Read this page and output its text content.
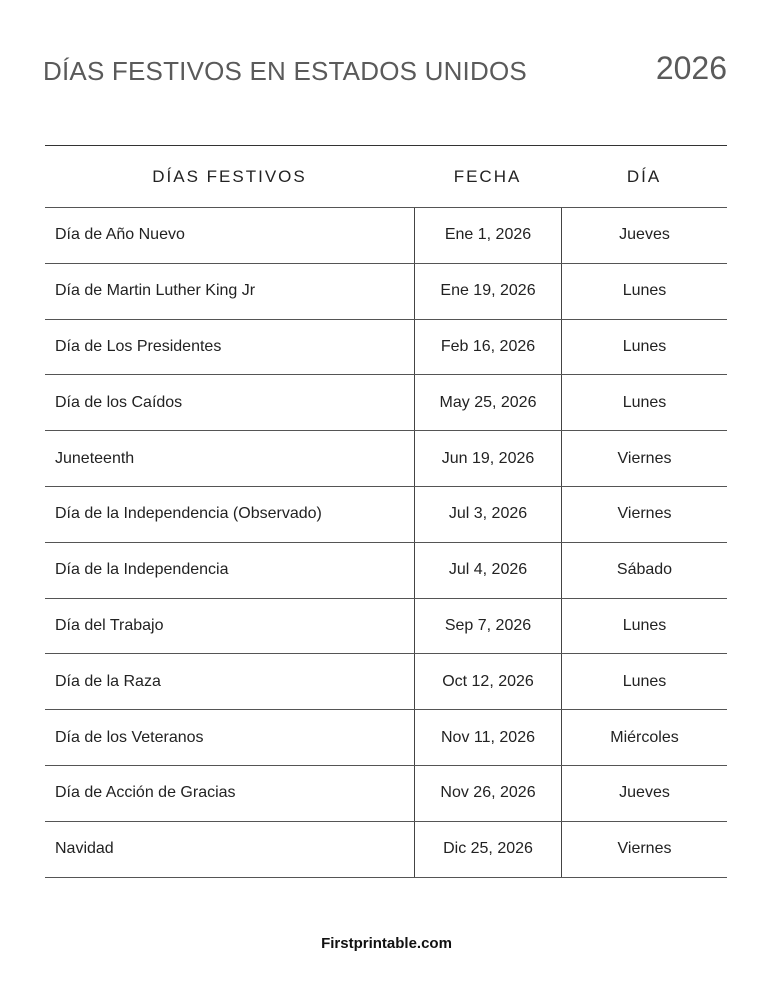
DÍAS FESTIVOS EN ESTADOS UNIDOS	2026
DÍAS FESTIVOS	FECHA	DÍA
Día de Año Nuevo	Ene 1, 2026	Jueves
Día de Martin Luther King Jr	Ene 19, 2026	Lunes
Día de Los Presidentes	Feb 16, 2026	Lunes
Día de los Caídos	May 25, 2026	Lunes
Juneteenth	Jun 19, 2026	Viernes
Día de la Independencia (Observado)	Jul 3, 2026	Viernes
Día de la Independencia	Jul 4, 2026	Sábado
Día del Trabajo	Sep 7, 2026	Lunes
Día de la Raza	Oct 12, 2026	Lunes
Día de los Veteranos	Nov 11, 2026	Miércoles
Día de Acción de Gracias	Nov 26, 2026	Jueves
Navidad	Dic 25, 2026	Viernes
Firstprintable.com
